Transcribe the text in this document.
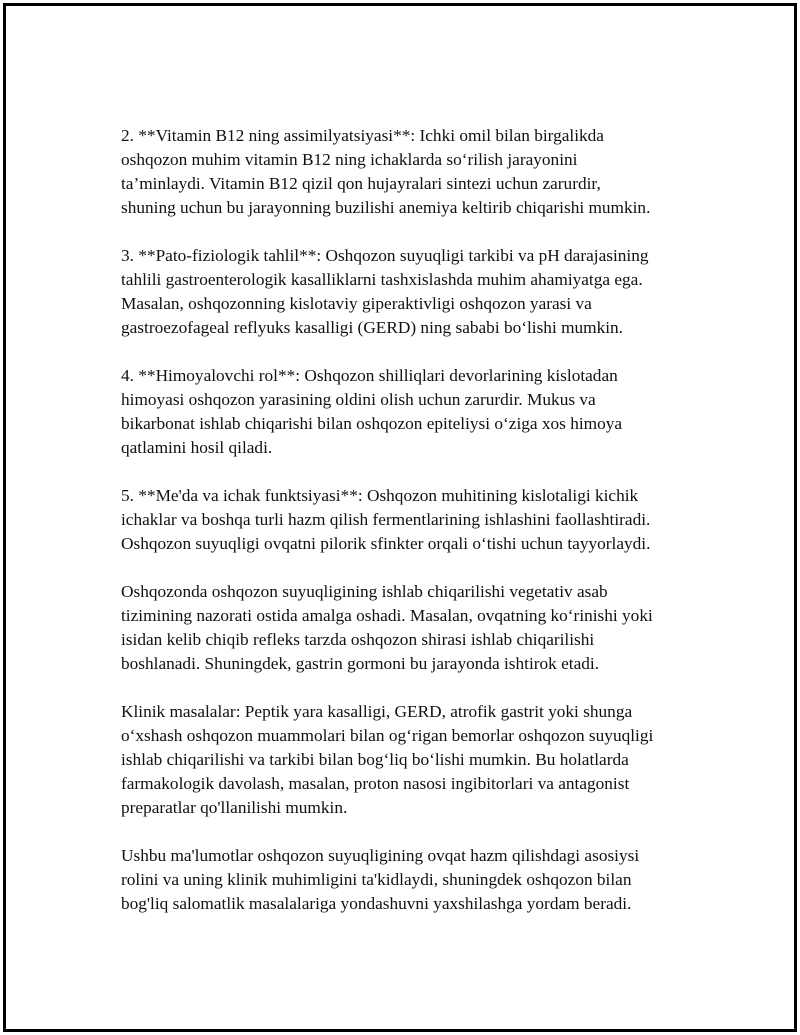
2. **Vitamin B12 ning assimilyatsiyasi**: Ichki omil bilan birgalikda
oshqozon muhim vitamin B12 ning ichaklarda so‘rilish jarayonini
ta’minlaydi. Vitamin B12 qizil qon hujayralari sintezi uchun zarurdir,
shuning uchun bu jarayonning buzilishi anemiya keltirib chiqarishi mumkin.

3. **Pato-fiziologik tahlil**: Oshqozon suyuqligi tarkibi va pH darajasining
tahlili gastroenterologik kasalliklarni tashxislashda muhim ahamiyatga ega.
Masalan, oshqozonning kislotaviy giperaktivligi oshqozon yarasi va
gastroezofageal reflyuks kasalligi (GERD) ning sababi bo‘lishi mumkin.

4. **Himoyalovchi rol**: Oshqozon shilliqlari devorlarining kislotadan
himoyasi oshqozon yarasining oldini olish uchun zarurdir. Mukus va
bikarbonat ishlab chiqarishi bilan oshqozon epiteliysi o‘ziga xos himoya
qatlamini hosil qiladi.

5. **Me'da va ichak funktsiyasi**: Oshqozon muhitining kislotaligi kichik
ichaklar va boshqa turli hazm qilish fermentlarining ishlashini faollashtiradi.
Oshqozon suyuqligi ovqatni pilorik sfinkter orqali o‘tishi uchun tayyorlaydi.

Oshqozonda oshqozon suyuqligining ishlab chiqarilishi vegetativ asab
tizimining nazorati ostida amalga oshadi. Masalan, ovqatning ko‘rinishi yoki
isidan kelib chiqib refleks tarzda oshqozon shirasi ishlab chiqarilishi
boshlanadi. Shuningdek, gastrin gormoni bu jarayonda ishtirok etadi.

Klinik masalalar: Peptik yara kasalligi, GERD, atrofik gastrit yoki shunga
o‘xshash oshqozon muammolari bilan og‘rigan bemorlar oshqozon suyuqligi
ishlab chiqarilishi va tarkibi bilan bog‘liq bo‘lishi mumkin. Bu holatlarda
farmakologik davolash, masalan, proton nasosi ingibitorlari va antagonist
preparatlar qo'llanilishi mumkin.

Ushbu ma'lumotlar oshqozon suyuqligining ovqat hazm qilishdagi asosiysi
rolini va uning klinik muhimligini ta'kidlaydi, shuningdek oshqozon bilan
bog'liq salomatlik masalalariga yondashuvni yaxshilashga yordam beradi.
